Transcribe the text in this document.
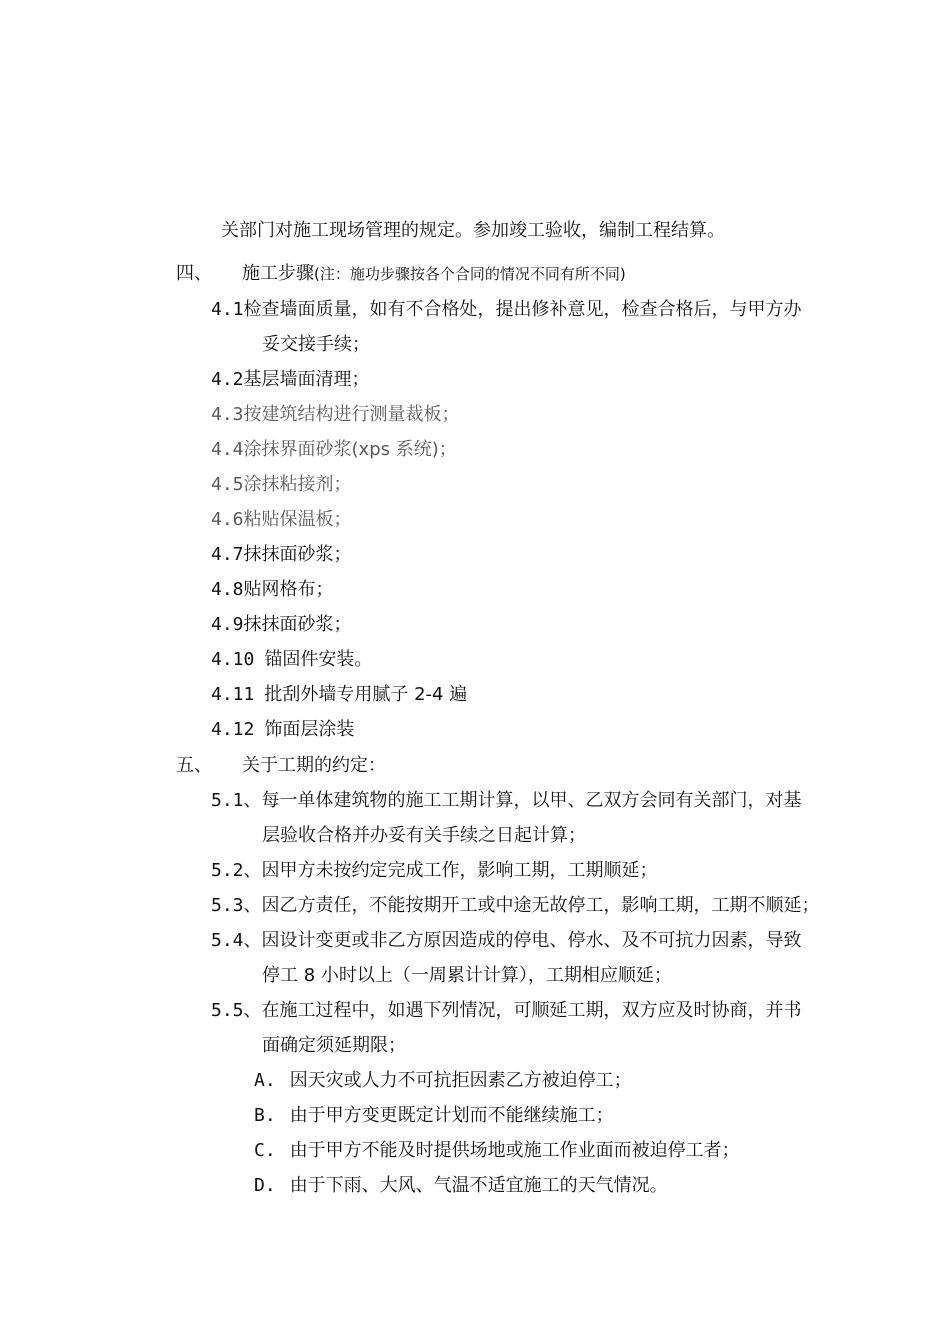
关部门对施工现场管理的规定。参加竣工验收，编制工程结算。
四、 施工步骤(注：施功步骤按各个合同的情况不同有所不同)
4.1检查墙面质量，如有不合格处，提出修补意见，检查合格后，与甲方办
妥交接手续；
4.2基层墙面清理；
4.3按建筑结构进行测量裁板；
4.4涂抹界面砂浆(xps 系统)；
4.5涂抹粘接剂；
4.6粘贴保温板；
4.7抹抹面砂浆；
4.8贴网格布；
4.9抹抹面砂浆；
4.10 锚固件安装。
4.11 批刮外墙专用腻子 2-4 遍
4.12 饰面层涂装
五、 关于工期的约定：
5.1、每一单体建筑物的施工工期计算，以甲、乙双方会同有关部门，对基
层验收合格并办妥有关手续之日起计算；
5.2、因甲方未按约定完成工作，影响工期，工期顺延；
5.3、因乙方责任，不能按期开工或中途无故停工，影响工期，工期不顺延；
5.4、因设计变更或非乙方原因造成的停电、停水、及不可抗力因素，导致
停工 8 小时以上（一周累计计算），工期相应顺延；
5.5、在施工过程中，如遇下列情况，可顺延工期，双方应及时协商，并书
面确定须延期限；
A. 因天灾或人力不可抗拒因素乙方被迫停工；
B. 由于甲方变更既定计划而不能继续施工；
C. 由于甲方不能及时提供场地或施工作业面而被迫停工者；
D. 由于下雨、大风、气温不适宜施工的天气情况。
